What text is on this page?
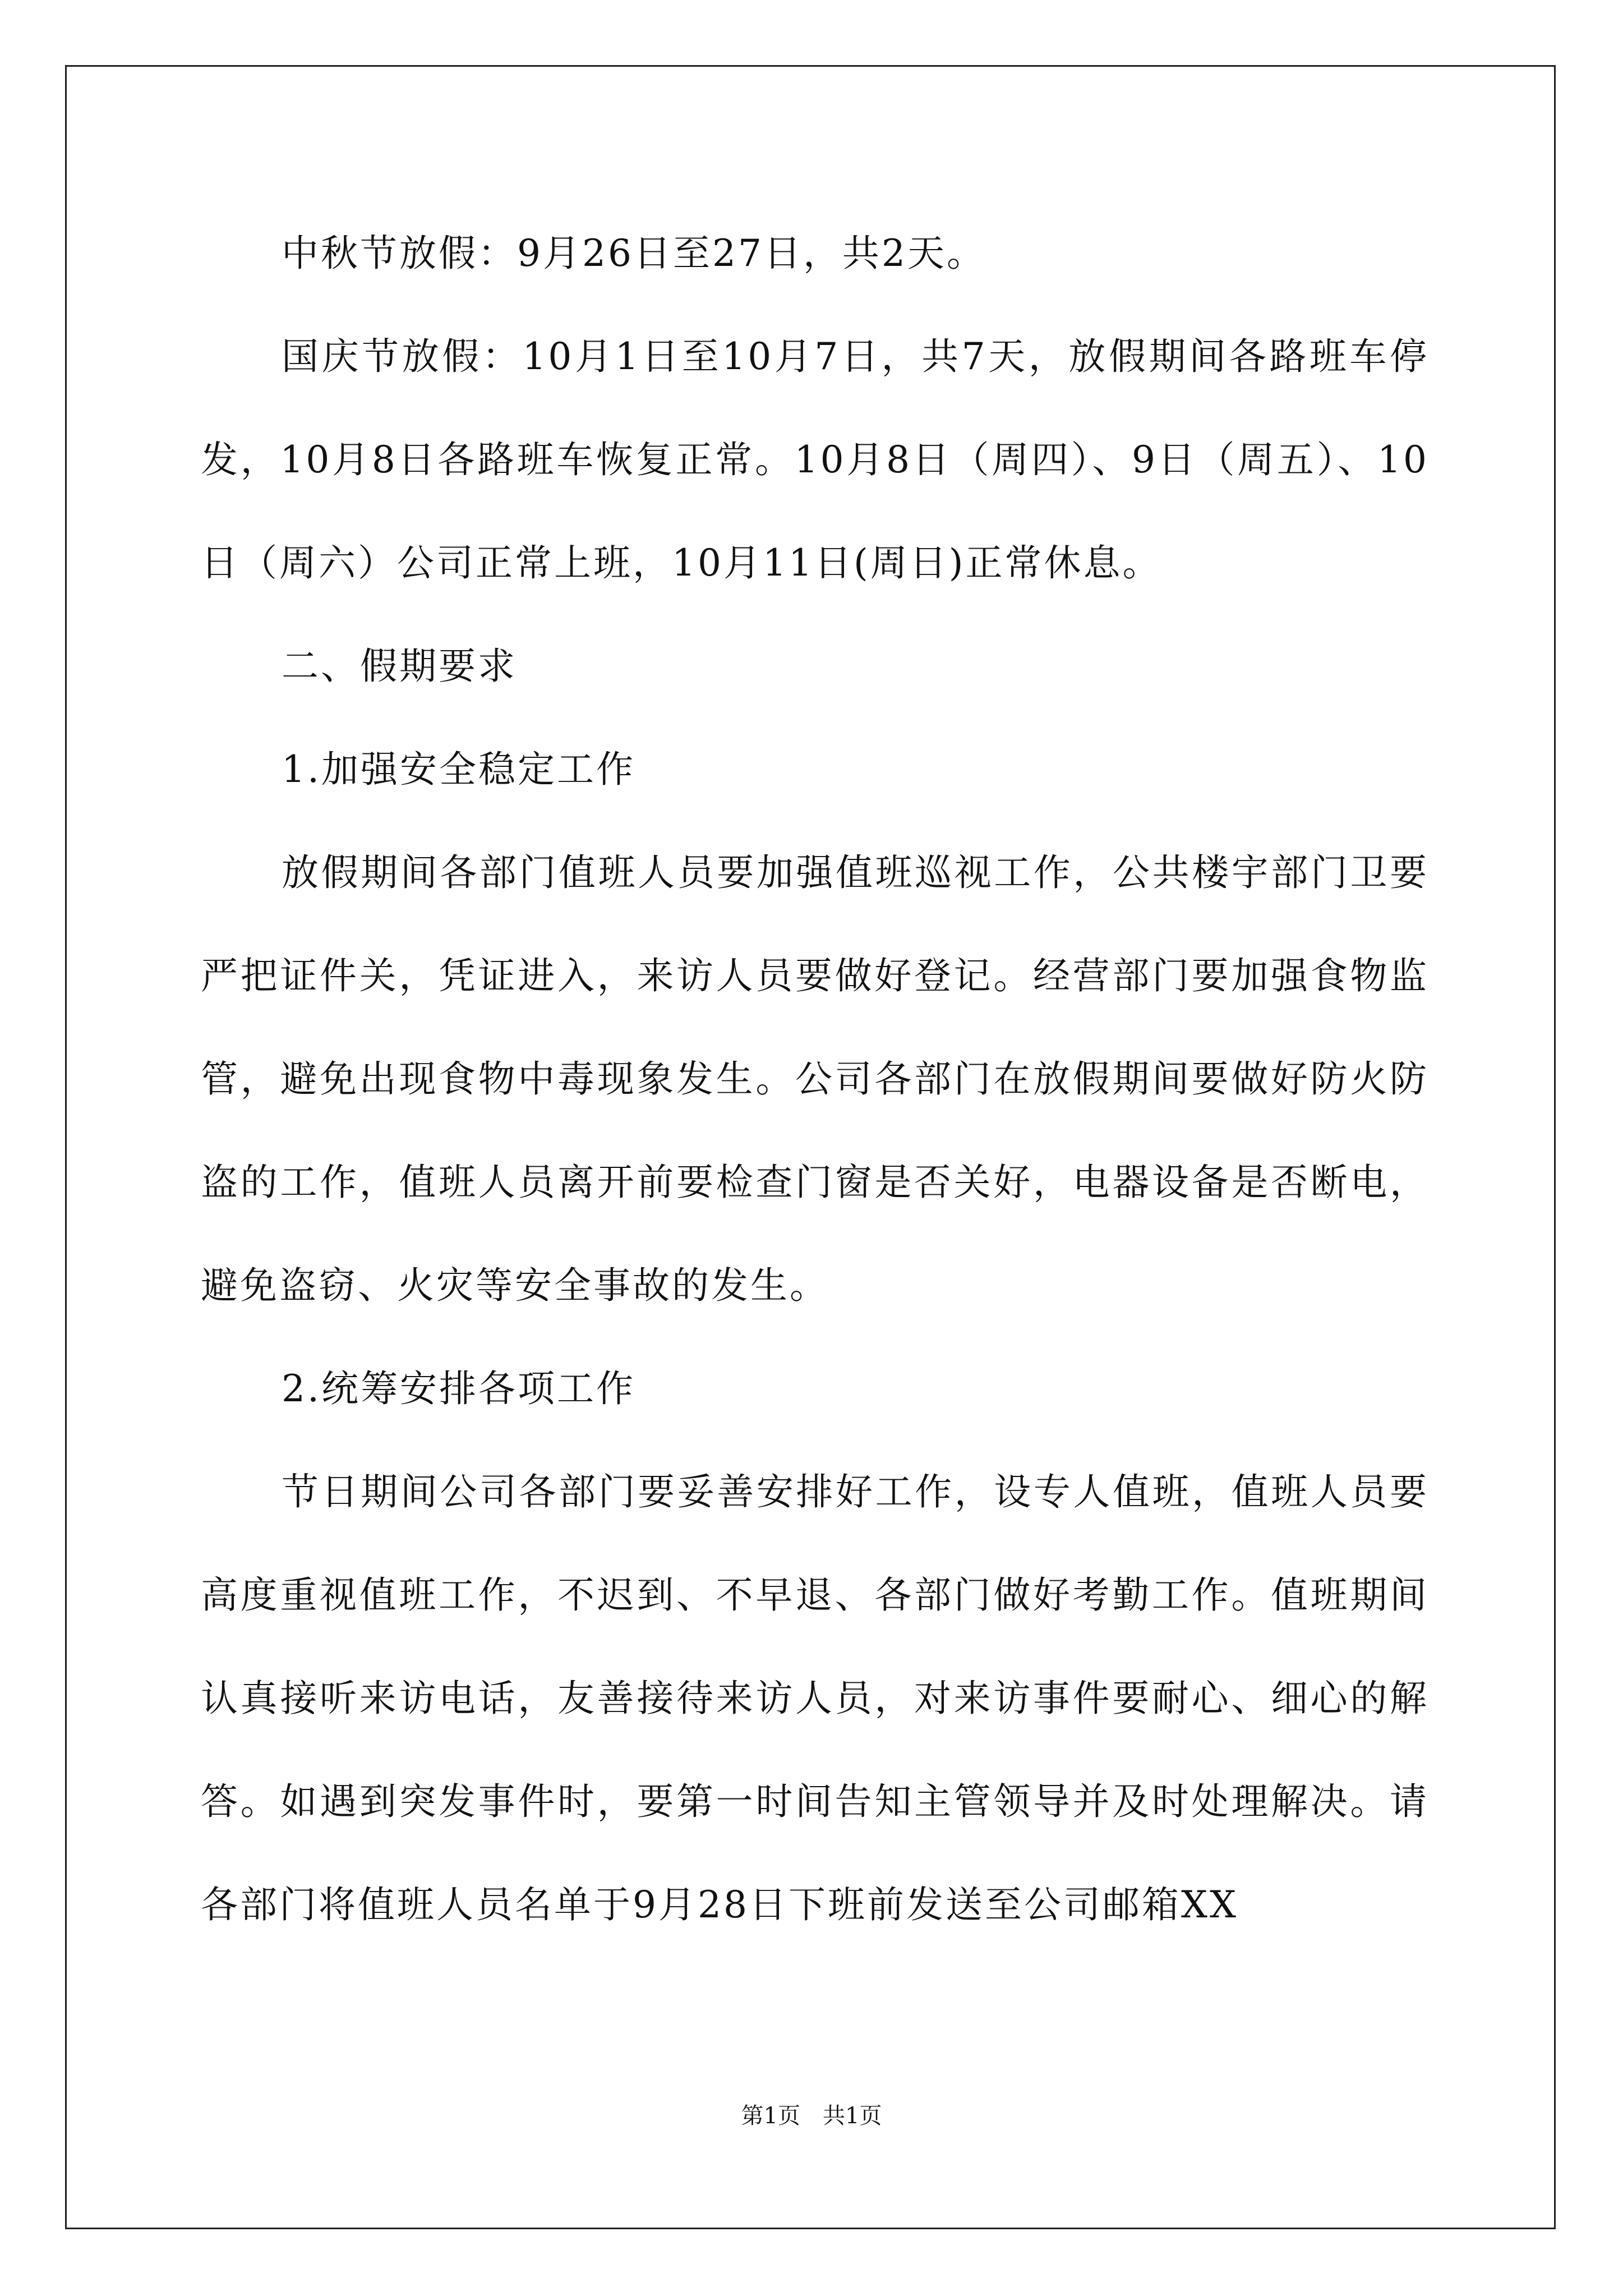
中秋节放假：9月26日至27日，共2天。

国庆节放假：10月1日至10月7日，共7天，放假期间各路班车停发，10月8日各路班车恢复正常。10月8日（周四）、9日（周五）、10日（周六）公司正常上班，10月11日(周日)正常休息。

二、假期要求

1.加强安全稳定工作

放假期间各部门值班人员要加强值班巡视工作，公共楼宇部门卫要严把证件关，凭证进入，来访人员要做好登记。经营部门要加强食物监管，避免出现食物中毒现象发生。公司各部门在放假期间要做好防火防盗的工作，值班人员离开前要检查门窗是否关好，电器设备是否断电，避免盗窃、火灾等安全事故的发生。

2.统筹安排各项工作

节日期间公司各部门要妥善安排好工作，设专人值班，值班人员要高度重视值班工作，不迟到、不早退、各部门做好考勤工作。值班期间认真接听来访电话，友善接待来访人员，对来访事件要耐心、细心的解答。如遇到突发事件时，要第一时间告知主管领导并及时处理解决。请各部门将值班人员名单于9月28日下班前发送至公司邮箱XX

第1页　共1页
